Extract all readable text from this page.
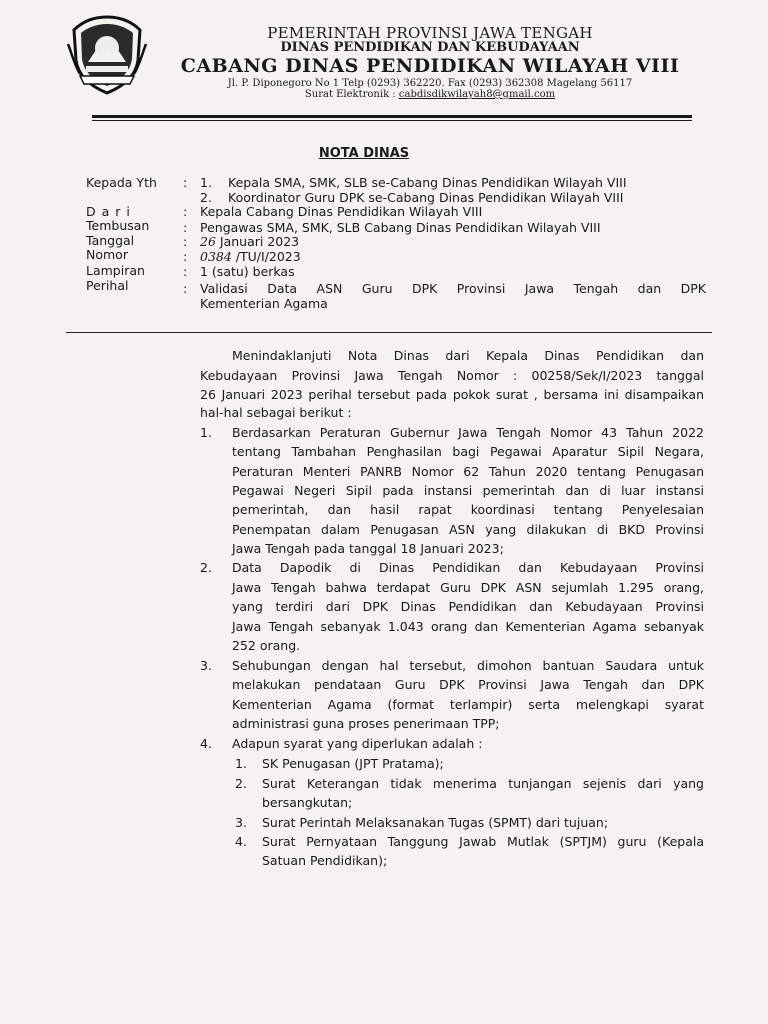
PEMERINTAH PROVINSI JAWA TENGAH
DINAS PENDIDIKAN DAN KEBUDAYAAN
CABANG DINAS PENDIDIKAN WILAYAH VIII
Jl. P. Diponegoro No 1 Telp (0293) 362220. Fax (0293) 362308 Magelang 56117
Surat Elektronik : cabdisdikwilayah8@gmail.com
NOTA DINAS
Kepada Yth : 1. Kepala SMA, SMK, SLB se-Cabang Dinas Pendidikan Wilayah VIII
2. Koordinator Guru DPK se-Cabang Dinas Pendidikan Wilayah VIII
Dari	: Kepala Cabang Dinas Pendidikan Wilayah VIII
Tembusan	: Pengawas SMA, SMK, SLB Cabang Dinas Pendidikan Wilayah VIII
Tanggal	: 26 Januari 2023
Nomor	: 0384 /TU/I/2023
Lampiran	: 1 (satu) berkas
Perihal	: Validasi Data ASN Guru DPK Provinsi Jawa Tengah dan DPK
Kementerian Agama
Menindaklanjuti Nota Dinas dari Kepala Dinas Pendidikan dan
Kebudayaan Provinsi Jawa Tengah Nomor : 00258/Sek/I/2023 tanggal
26 Januari 2023 perihal tersebut pada pokok surat , bersama ini disampaikan
hal-hal sebagai berikut :
1. Berdasarkan Peraturan Gubernur Jawa Tengah Nomor 43 Tahun 2022
tentang Tambahan Penghasilan bagi Pegawai Aparatur Sipil Negara,
Peraturan Menteri PANRB Nomor 62 Tahun 2020 tentang Penugasan
Pegawai Negeri Sipil pada instansi pemerintah dan di luar instansi
pemerintah, dan hasil rapat koordinasi tentang Penyelesaian
Penempatan dalam Penugasan ASN yang dilakukan di BKD Provinsi
Jawa Tengah pada tanggal 18 Januari 2023;
2. Data Dapodik di Dinas Pendidikan dan Kebudayaan Provinsi
Jawa Tengah bahwa terdapat Guru DPK ASN sejumlah 1.295 orang,
yang terdiri dari DPK Dinas Pendidikan dan Kebudayaan Provinsi
Jawa Tengah sebanyak 1.043 orang dan Kementerian Agama sebanyak
252 orang.
3. Sehubungan dengan hal tersebut, dimohon bantuan Saudara untuk
melakukan pendataan Guru DPK Provinsi Jawa Tengah dan DPK
Kementerian Agama (format terlampir) serta melengkapi syarat
administrasi guna proses penerimaan TPP;
4. Adapun syarat yang diperlukan adalah :
1. SK Penugasan (JPT Pratama);
2. Surat Keterangan tidak menerima tunjangan sejenis dari yang
bersangkutan;
3. Surat Perintah Melaksanakan Tugas (SPMT) dari tujuan;
4. Surat Pernyataan Tanggung Jawab Mutlak (SPTJM) guru (Kepala
Satuan Pendidikan);
